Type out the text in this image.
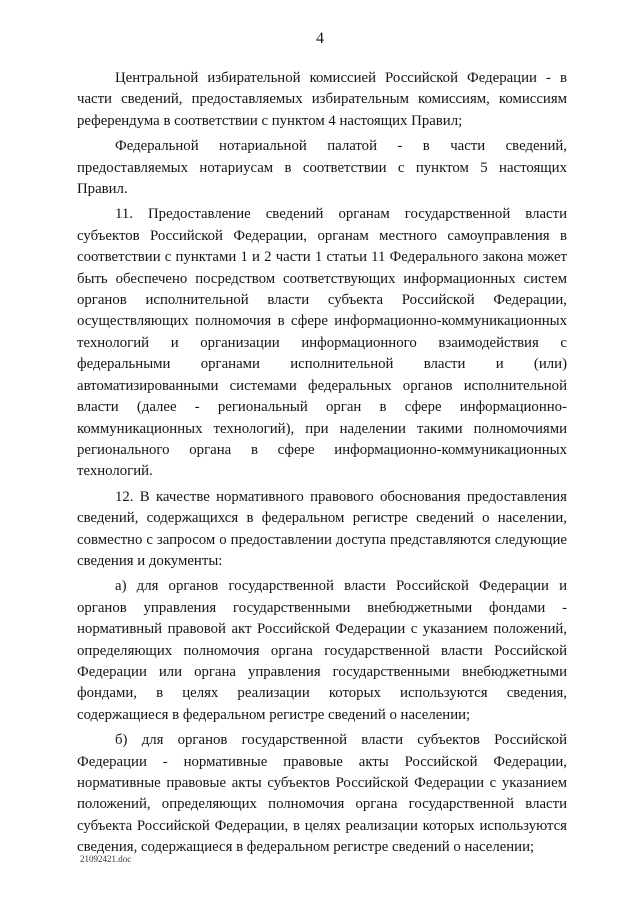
4

Центральной избирательной комиссией Российской Федерации - в части сведений, предоставляемых избирательным комиссиям, комиссиям референдума в соответствии с пунктом 4 настоящих Правил;

Федеральной нотариальной палатой - в части сведений, предоставляемых нотариусам в соответствии с пунктом 5 настоящих Правил.

11. Предоставление сведений органам государственной власти субъектов Российской Федерации, органам местного самоуправления в соответствии с пунктами 1 и 2 части 1 статьи 11 Федерального закона может быть обеспечено посредством соответствующих информационных систем органов исполнительной власти субъекта Российской Федерации, осуществляющих полномочия в сфере информационно-коммуникационных технологий и организации информационного взаимодействия с федеральными органами исполнительной власти и (или) автоматизированными системами федеральных органов исполнительной власти (далее - региональный орган в сфере информационно-коммуникационных технологий), при наделении такими полномочиями регионального органа в сфере информационно-коммуникационных технологий.

12. В качестве нормативного правового обоснования предоставления сведений, содержащихся в федеральном регистре сведений о населении, совместно с запросом о предоставлении доступа представляются следующие сведения и документы:

а) для органов государственной власти Российской Федерации и органов управления государственными внебюджетными фондами - нормативный правовой акт Российской Федерации с указанием положений, определяющих полномочия органа государственной власти Российской Федерации или органа управления государственными внебюджетными фондами, в целях реализации которых используются сведения, содержащиеся в федеральном регистре сведений о населении;

б) для органов государственной власти субъектов Российской Федерации - нормативные правовые акты Российской Федерации, нормативные правовые акты субъектов Российской Федерации с указанием положений, определяющих полномочия органа государственной власти субъекта Российской Федерации, в целях реализации которых используются сведения, содержащиеся в федеральном регистре сведений о населении;

21092421.doc
